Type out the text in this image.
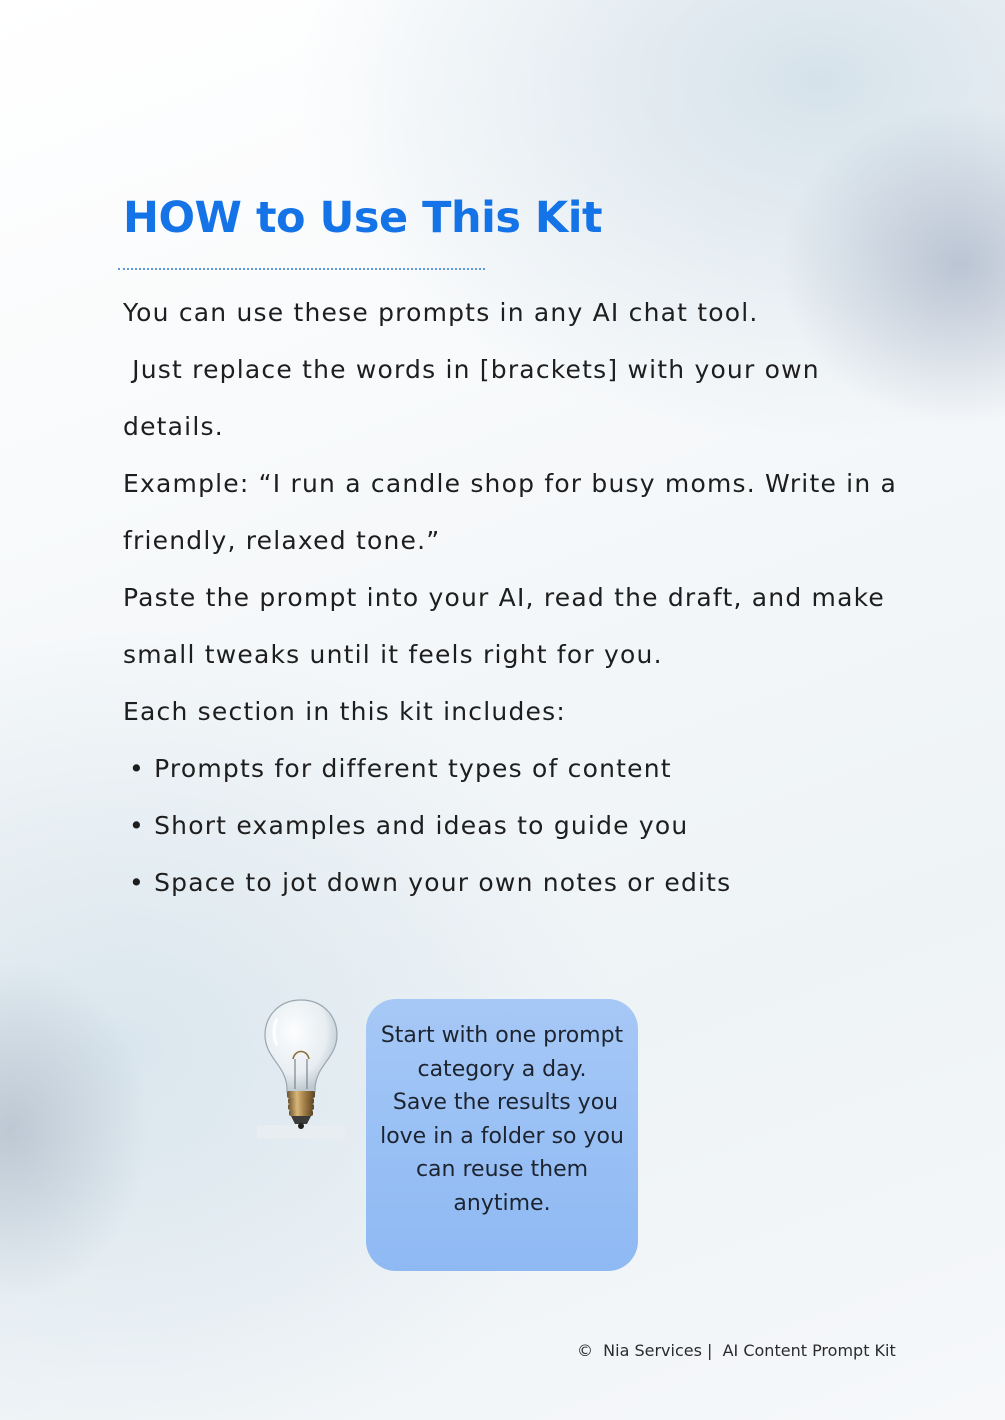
HOW to Use This Kit

You can use these prompts in any AI chat tool.

Just replace the words in [brackets] with your own details.

Example: “I run a candle shop for busy moms. Write in a friendly, relaxed tone.”

Paste the prompt into your AI, read the draft, and make small tweaks until it feels right for you.

Each section in this kit includes:

• Prompts for different types of content

• Short examples and ideas to guide you

• Space to jot down your own notes or edits

Start with one prompt category a day.

Save the results you love in a folder so you can reuse them anytime.

©  Nia Services |  AI Content Prompt Kit
